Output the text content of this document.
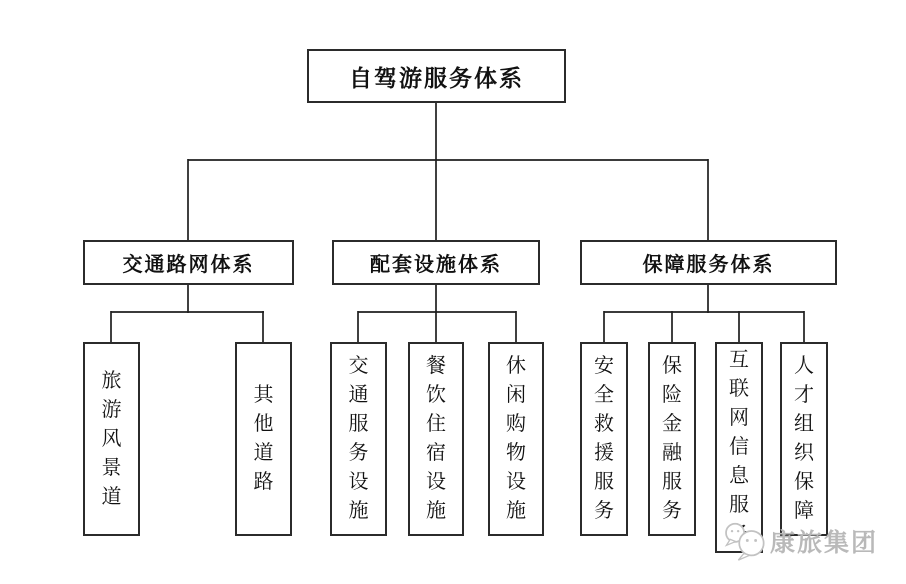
自驾游服务体系
交通路网体系	配套设施体系	保障服务体系
旅
游
风
景
道
其
他
道
路
交
通
服
务
设
施
餐
饮
住
宿
设
施
休
闲
购
物
设
施
安
全
救
援
服
务
保
险
金
融
服
务
互
联
网
信
息
服
人
才
组
织
保
障
康旅集团
